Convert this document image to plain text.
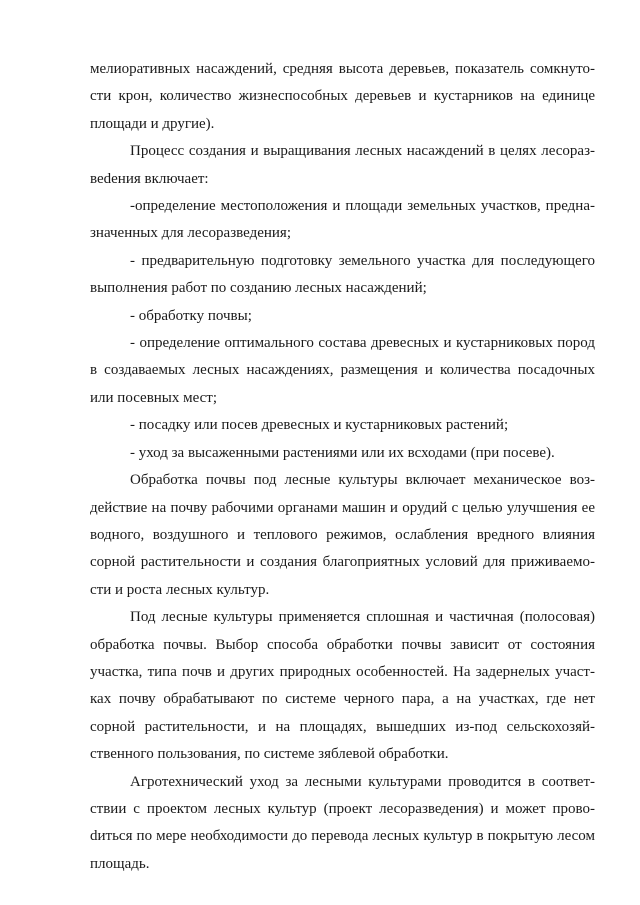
мелиоративных насаждений, средняя высота деревьев, показатель сомкнутости крон, количество жизнеспособных деревьев и кустарников на единице площади и другие).

Процесс создания и выращивания лесных насаждений в целях лесоразвеdения включает:

-определение местоположения и площади земельных участков, предназначенных для лесоразведения;

- предварительную подготовку земельного участка для последующего выполнения работ по созданию лесных насаждений;

- обработку почвы;

- определение оптимального состава древесных и кустарниковых пород в создаваемых лесных насаждениях, размещения и количества посадочных или посевных мест;

- посадку или посев древесных и кустарниковых растений;

- уход за высаженными растениями или их всходами (при посеве).

Обработка почвы под лесные культуры включает механическое воздействие на почву рабочими органами машин и орудий с целью улучшения ее водного, воздушного и теплового режимов, ослабления вредного влияния сорной растительности и создания благоприятных условий для приживаемости и роста лесных культур.

Под лесные культуры применяется сплошная и частичная (полосовая) обработка почвы. Выбор способа обработки почвы зависит от состояния участка, типа почв и других природных особенностей. На задернелых участках почву обрабатывают по системе черного пара, а на участках, где нет сорной растительности, и на площадях, вышедших из-под сельскохозяйственного пользования, по системе зяблевой обработки.

Агротехнический уход за лесными культурами проводится в соответствии с проектом лесных культур (проект лесоразведения) и может провоdиться по мере необходимости до перевода лесных культур в покрытую лесом площадь.
